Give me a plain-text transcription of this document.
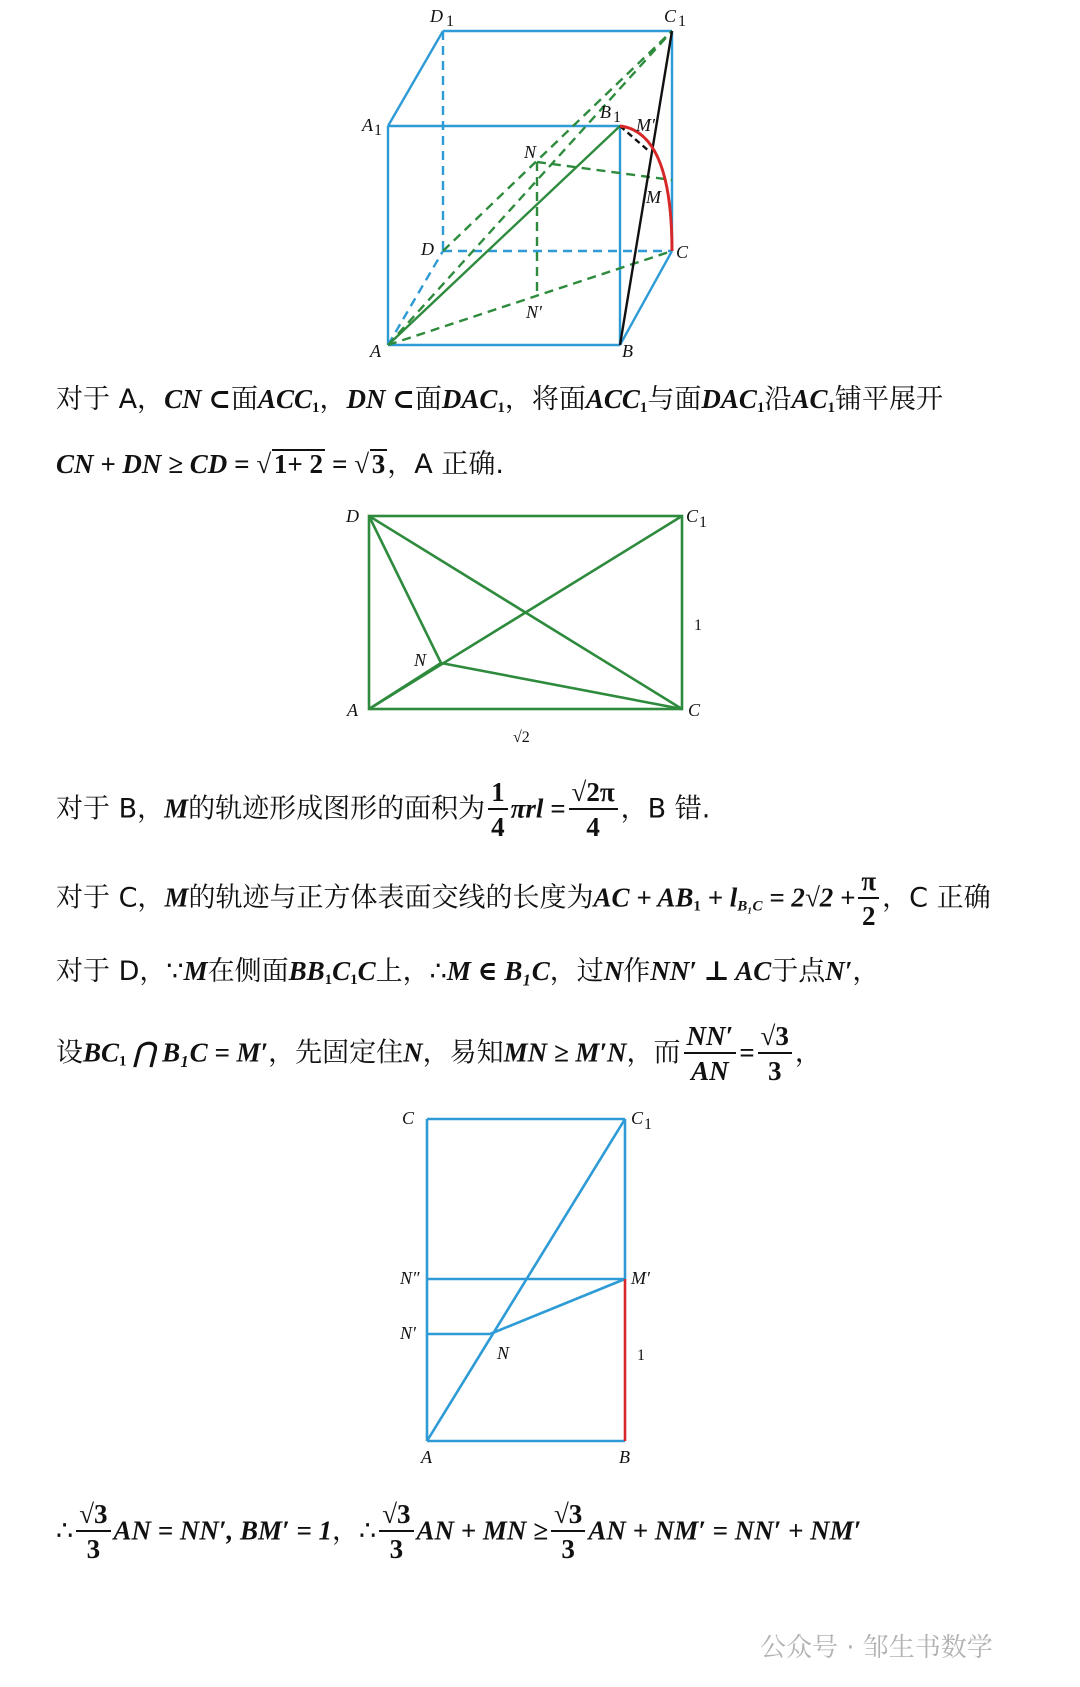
D 1	C 1
A 1
B 1
N
M′
M
D	C
N′
A	B
对于 A，CN ⊂面$ACC_1$，DN ⊂面$DAC_1$，将面$ACC_1$与面$DAC_1$沿$AC_1$铺平展开
CN + DN ≥ CD = √ 1+ 2 = √ 3，A 正确.
D	C 1
1
N
A	C
√2
对于 B，M的轨迹形成图形的面积为 $\frac{1}{4}$ $\pi rl = \frac{√2\pi}{4}$ ，B 错.
对于 C，M的轨迹与正方体表面交线的长度为AC + $AB_1 + l_{B_1C} = 2√2 + \frac{\pi}{2}$ ，C 正确
对于 D，∵M在侧面$BB_1C_1C$上，∴M ∈ B₁C，过N作NN′ ⊥ AC于点N′，
设$BC_1$ ⋂ B₁C = M′，先固定住N，易知MN ≥ M′N，而 $\frac{NN'}{AN} = \frac{√3}{3}$ ，
C	C 1
N″	M′
N′
N	1
A	B
∴ $\frac{√3}{3}$ AN = NN′, BM′ = 1，∴ $\frac{√3}{3}$ AN + MN ≥ $\frac{√3}{3}$ AN + NM′ = NN′ + NM′
公众号 · 邹生书数学
